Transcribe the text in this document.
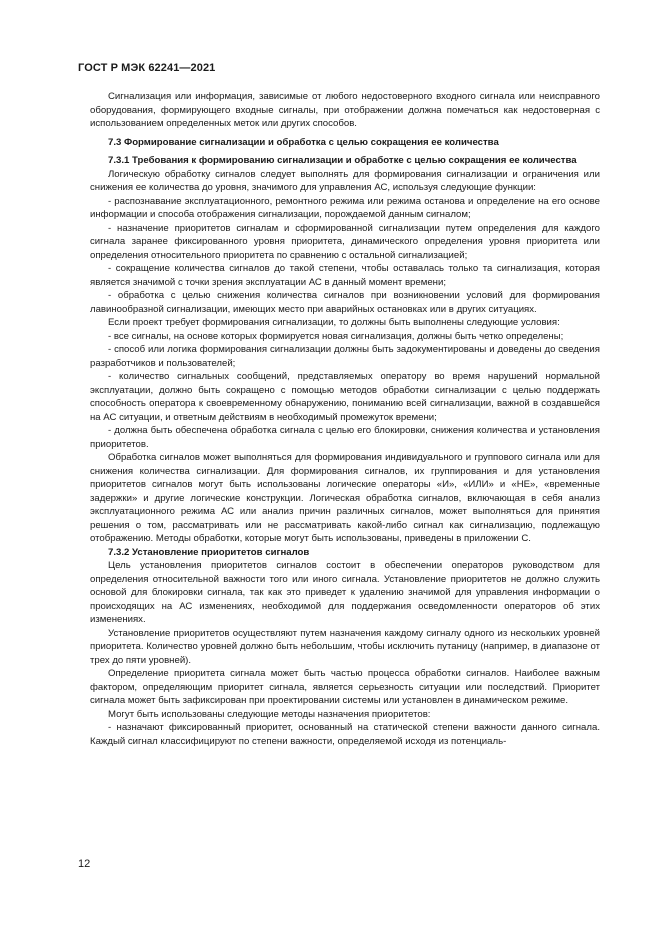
ГОСТ Р МЭК 62241—2021

Сигнализация или информация, зависимые от любого недостоверного входного сигнала или неисправного оборудования, формирующего входные сигналы, при отображении должна помечаться как недостоверная с использованием определенных меток или других способов.

7.3 Формирование сигнализации и обработка с целью сокращения ее количества

7.3.1 Требования к формированию сигнализации и обработке с целью сокращения ее количества

Логическую обработку сигналов следует выполнять для формирования сигнализации и ограничения или снижения ее количества до уровня, значимого для управления АС, используя следующие функции:

- распознавание эксплуатационного, ремонтного режима или режима останова и определение на его основе информации и способа отображения сигнализации, порождаемой данным сигналом;

- назначение приоритетов сигналам и сформированной сигнализации путем определения для каждого сигнала заранее фиксированного уровня приоритета, динамического определения уровня приоритета или определения относительного приоритета по сравнению с остальной сигнализацией;

- сокращение количества сигналов до такой степени, чтобы оставалась только та сигнализация, которая является значимой с точки зрения эксплуатации АС в данный момент времени;

- обработка с целью снижения количества сигналов при возникновении условий для формирования лавинообразной сигнализации, имеющих место при аварийных остановках или в других ситуациях.

Если проект требует формирования сигнализации, то должны быть выполнены следующие условия:

- все сигналы, на основе которых формируется новая сигнализация, должны быть четко определены;

- способ или логика формирования сигнализации должны быть задокументированы и доведены до сведения разработчиков и пользователей;

- количество сигнальных сообщений, представляемых оператору во время нарушений нормальной эксплуатации, должно быть сокращено с помощью методов обработки сигнализации с целью поддержать способность оператора к своевременному обнаружению, пониманию всей сигнализации, важной в создавшейся на АС ситуации, и ответным действиям в необходимый промежуток времени;

- должна быть обеспечена обработка сигнала с целью его блокировки, снижения количества и установления приоритетов.

Обработка сигналов может выполняться для формирования индивидуального и группового сигнала или для снижения количества сигнализации. Для формирования сигналов, их группирования и для установления приоритетов сигналов могут быть использованы логические операторы «И», «ИЛИ» и «НЕ», «временные задержки» и другие логические конструкции. Логическая обработка сигналов, включающая в себя анализ эксплуатационного режима АС или анализ причин различных сигналов, может выполняться для принятия решения о том, рассматривать или не рассматривать какой-либо сигнал как сигнализацию, подлежащую отображению. Методы обработки, которые могут быть использованы, приведены в приложении С.

7.3.2 Установление приоритетов сигналов

Цель установления приоритетов сигналов состоит в обеспечении операторов руководством для определения относительной важности того или иного сигнала. Установление приоритетов не должно служить основой для блокировки сигнала, так как это приведет к удалению значимой для управления информации о происходящих на АС изменениях, необходимой для поддержания осведомленности операторов об этих изменениях.

Установление приоритетов осуществляют путем назначения каждому сигналу одного из нескольких уровней приоритета. Количество уровней должно быть небольшим, чтобы исключить путаницу (например, в диапазоне от трех до пяти уровней).

Определение приоритета сигнала может быть частью процесса обработки сигналов. Наиболее важным фактором, определяющим приоритет сигнала, является серьезность ситуации или последствий. Приоритет сигнала может быть зафиксирован при проектировании системы или установлен в динамическом режиме.

Могут быть использованы следующие методы назначения приоритетов:

- назначают фиксированный приоритет, основанный на статической степени важности данного сигнала. Каждый сигнал классифицируют по степени важности, определяемой исходя из потенциаль-

12
